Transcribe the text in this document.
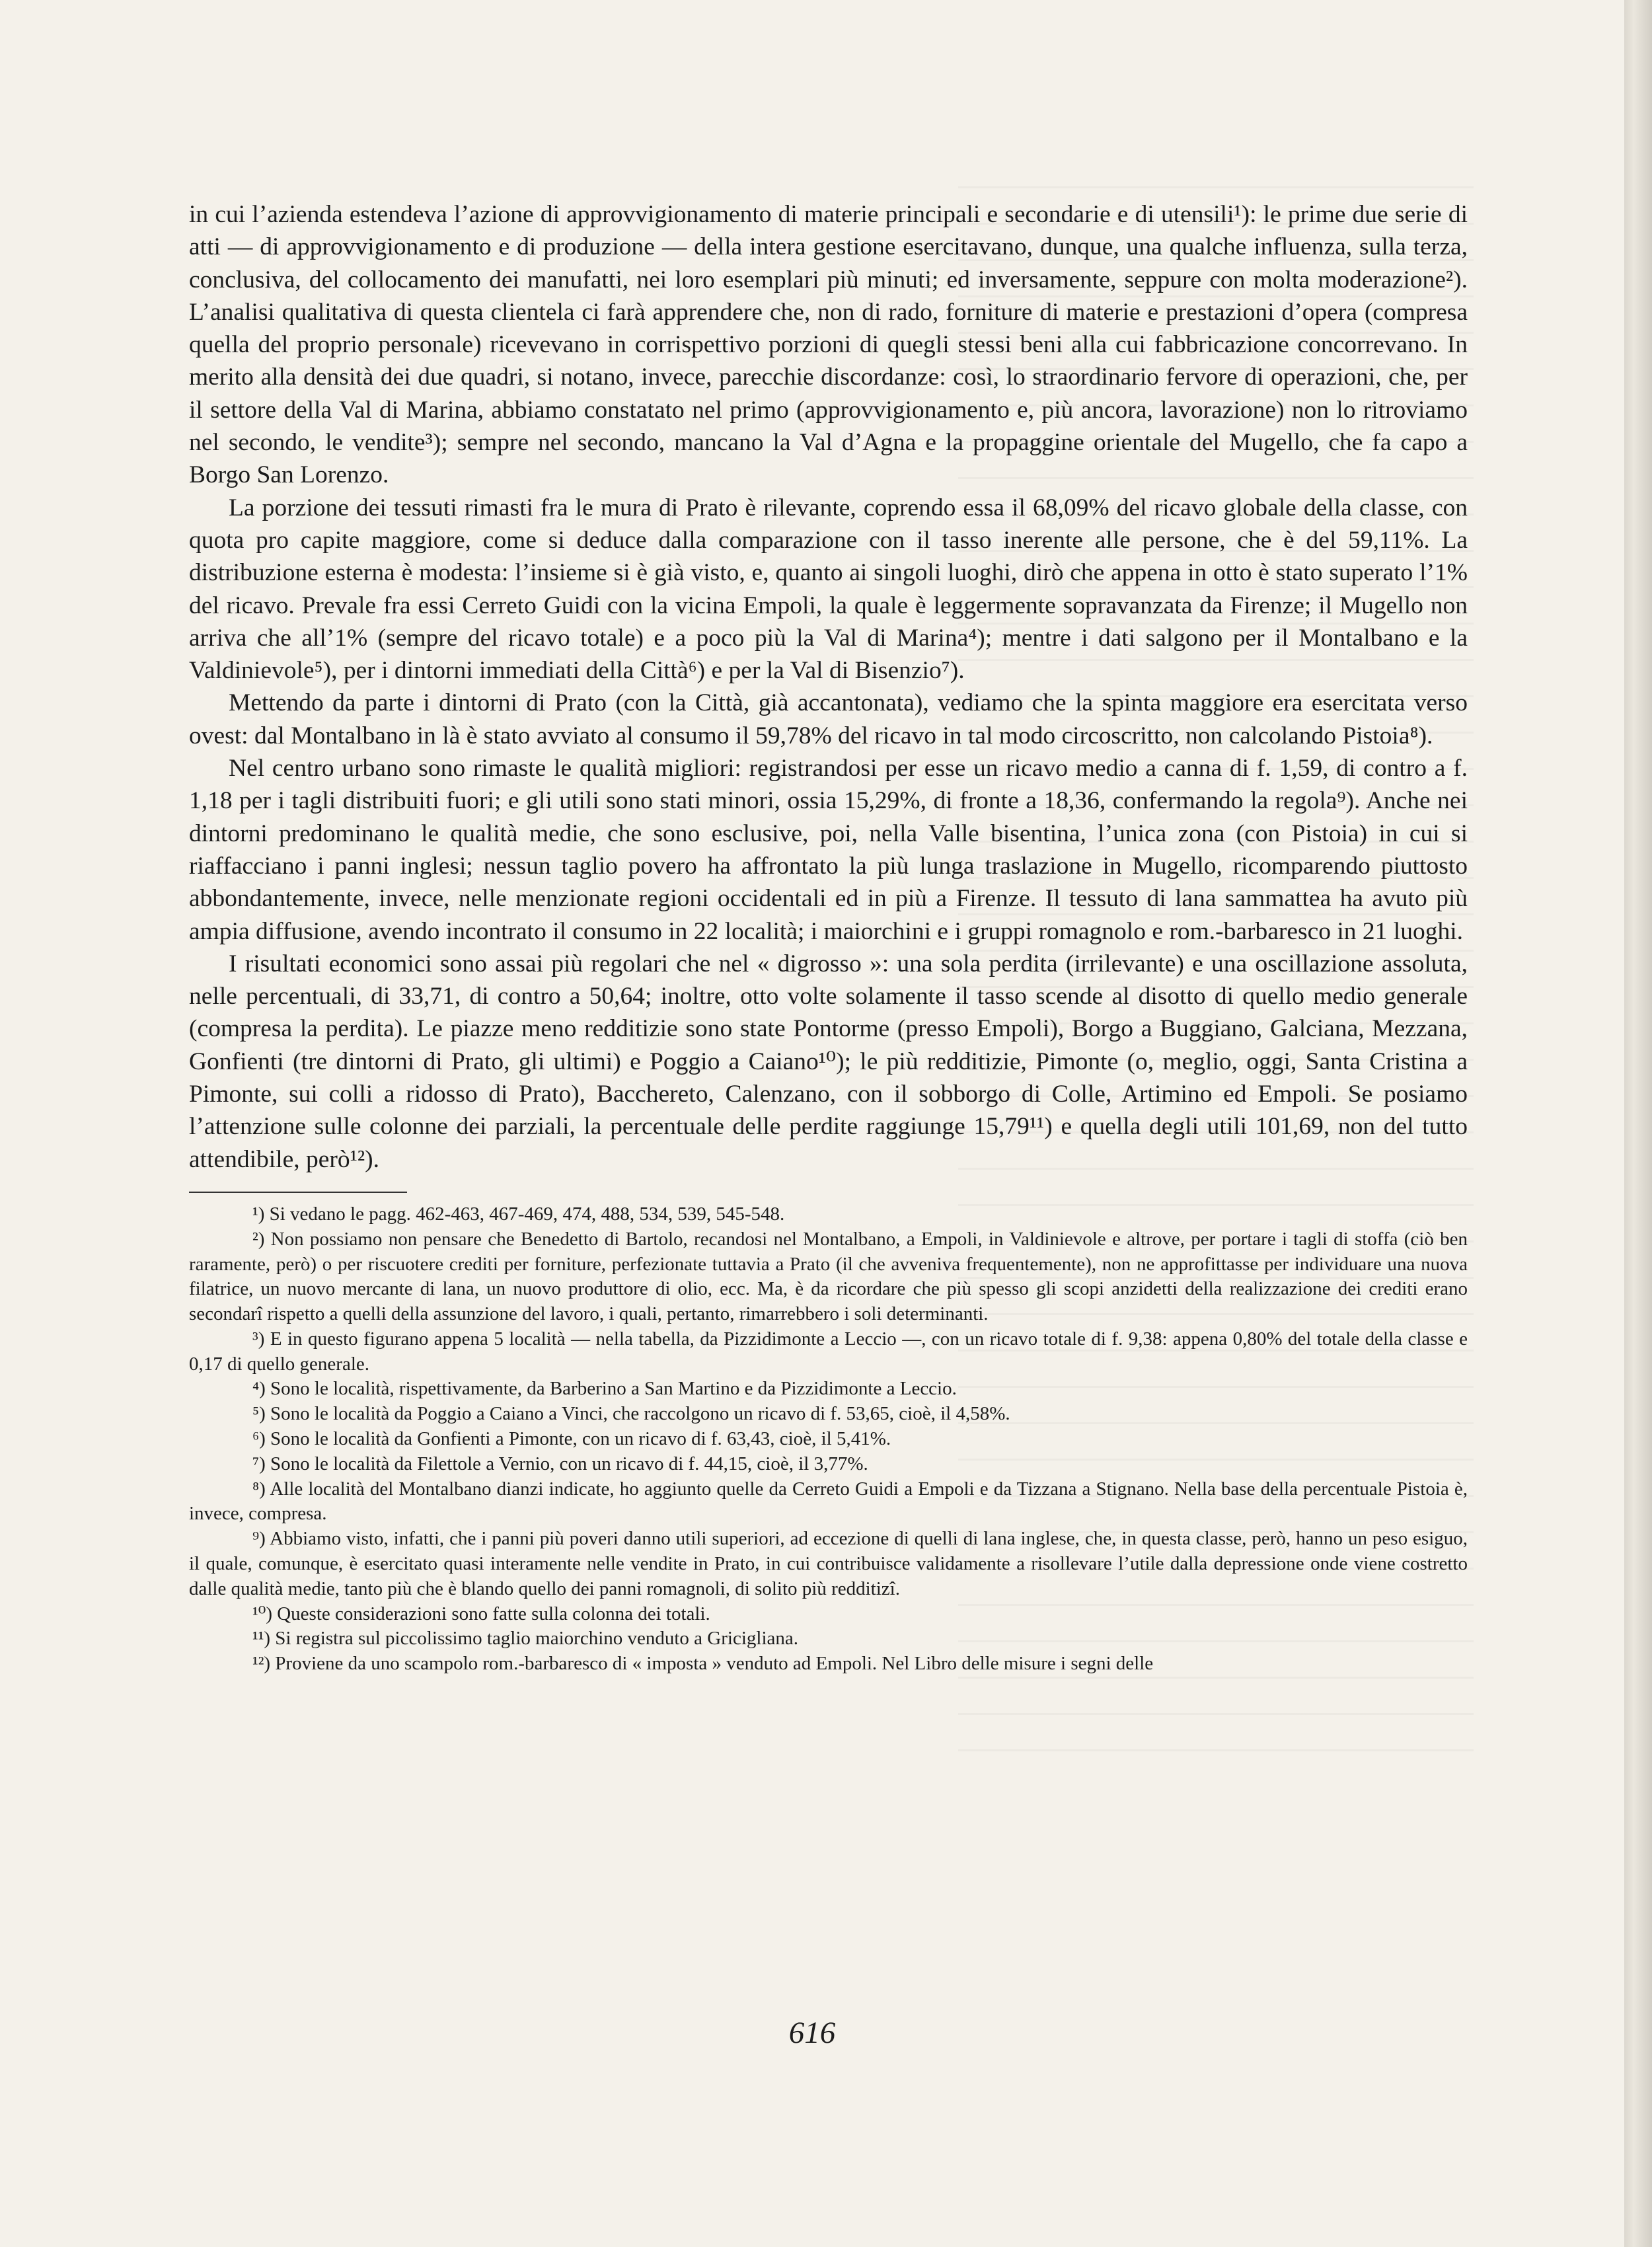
in cui l’azienda estendeva l’azione di approvvigionamento di materie principali e secondarie e di utensili¹): le prime due serie di atti — di approvvigionamento e di produzione — della intera gestione esercitavano, dunque, una qualche influenza, sulla terza, conclusiva, del collocamento dei manufatti, nei loro esemplari più minuti; ed inversamente, seppure con molta moderazione²). L’analisi qualitativa di questa clientela ci farà apprendere che, non di rado, forniture di materie e prestazioni d’opera (compresa quella del proprio personale) ricevevano in corrispettivo porzioni di quegli stessi beni alla cui fabbricazione concorrevano. In merito alla densità dei due quadri, si notano, invece, parecchie discordanze: così, lo straordinario fervore di operazioni, che, per il settore della Val di Marina, abbiamo constatato nel primo (approvvigionamento e, più ancora, lavorazione) non lo ritroviamo nel secondo, le vendite³); sempre nel secondo, mancano la Val d’Agna e la propaggine orientale del Mugello, che fa capo a Borgo San Lorenzo.

La porzione dei tessuti rimasti fra le mura di Prato è rilevante, coprendo essa il 68,09% del ricavo globale della classe, con quota pro capite maggiore, come si deduce dalla comparazione con il tasso inerente alle persone, che è del 59,11%. La distribuzione esterna è modesta: l’insieme si è già visto, e, quanto ai singoli luoghi, dirò che appena in otto è stato superato l’1% del ricavo. Prevale fra essi Cerreto Guidi con la vicina Empoli, la quale è leggermente sopravanzata da Firenze; il Mugello non arriva che all’1% (sempre del ricavo totale) e a poco più la Val di Marina⁴); mentre i dati salgono per il Montalbano e la Valdinievole⁵), per i dintorni immediati della Città⁶) e per la Val di Bisenzio⁷).

Mettendo da parte i dintorni di Prato (con la Città, già accantonata), vediamo che la spinta maggiore era esercitata verso ovest: dal Montalbano in là è stato avviato al consumo il 59,78% del ricavo in tal modo circoscritto, non calcolando Pistoia⁸).

Nel centro urbano sono rimaste le qualità migliori: registrandosi per esse un ricavo medio a canna di f. 1,59, di contro a f. 1,18 per i tagli distribuiti fuori; e gli utili sono stati minori, ossia 15,29%, di fronte a 18,36, confermando la regola⁹). Anche nei dintorni predominano le qualità medie, che sono esclusive, poi, nella Valle bisentina, l’unica zona (con Pistoia) in cui si riaffacciano i panni inglesi; nessun taglio povero ha affrontato la più lunga traslazione in Mugello, ricomparendo piuttosto abbondantemente, invece, nelle menzionate regioni occidentali ed in più a Firenze. Il tessuto di lana sammattea ha avuto più ampia diffusione, avendo incontrato il consumo in 22 località; i maiorchini e i gruppi romagnolo e rom.-barbaresco in 21 luoghi.

I risultati economici sono assai più regolari che nel « digrosso »: una sola perdita (irrilevante) e una oscillazione assoluta, nelle percentuali, di 33,71, di contro a 50,64; inoltre, otto volte solamente il tasso scende al disotto di quello medio generale (compresa la perdita). Le piazze meno redditizie sono state Pontorme (presso Empoli), Borgo a Buggiano, Galciana, Mezzana, Gonfienti (tre dintorni di Prato, gli ultimi) e Poggio a Caiano¹⁰); le più redditizie, Pimonte (o, meglio, oggi, Santa Cristina a Pimonte, sui colli a ridosso di Prato), Bacchereto, Calenzano, con il sobborgo di Colle, Artimino ed Empoli. Se posiamo l’attenzione sulle colonne dei parziali, la percentuale delle perdite raggiunge 15,79¹¹) e quella degli utili 101,69, non del tutto attendibile, però¹²).

¹) Si vedano le pagg. 462-463, 467-469, 474, 488, 534, 539, 545-548.

²) Non possiamo non pensare che Benedetto di Bartolo, recandosi nel Montalbano, a Empoli, in Valdinievole e altrove, per portare i tagli di stoffa (ciò ben raramente, però) o per riscuotere crediti per forniture, perfezionate tuttavia a Prato (il che avveniva frequentemente), non ne approfittasse per individuare una nuova filatrice, un nuovo mercante di lana, un nuovo produttore di olio, ecc. Ma, è da ricordare che più spesso gli scopi anzidetti della realizzazione dei crediti erano secondarî rispetto a quelli della assunzione del lavoro, i quali, pertanto, rimarrebbero i soli determinanti.

³) E in questo figurano appena 5 località — nella tabella, da Pizzidimonte a Leccio —, con un ricavo totale di f. 9,38: appena 0,80% del totale della classe e 0,17 di quello generale.

⁴) Sono le località, rispettivamente, da Barberino a San Martino e da Pizzidimonte a Leccio.

⁵) Sono le località da Poggio a Caiano a Vinci, che raccolgono un ricavo di f. 53,65, cioè, il 4,58%.

⁶) Sono le località da Gonfienti a Pimonte, con un ricavo di f. 63,43, cioè, il 5,41%.

⁷) Sono le località da Filettole a Vernio, con un ricavo di f. 44,15, cioè, il 3,77%.

⁸) Alle località del Montalbano dianzi indicate, ho aggiunto quelle da Cerreto Guidi a Empoli e da Tizzana a Stignano. Nella base della percentuale Pistoia è, invece, compresa.

⁹) Abbiamo visto, infatti, che i panni più poveri danno utili superiori, ad eccezione di quelli di lana inglese, che, in questa classe, però, hanno un peso esiguo, il quale, comunque, è esercitato quasi interamente nelle vendite in Prato, in cui contribuisce validamente a risollevare l’utile dalla depressione onde viene costretto dalle qualità medie, tanto più che è blando quello dei panni romagnoli, di solito più redditizî.

¹⁰) Queste considerazioni sono fatte sulla colonna dei totali.

¹¹) Si registra sul piccolissimo taglio maiorchino venduto a Gricigliana.

¹²) Proviene da uno scampolo rom.-barbaresco di « imposta » venduto ad Empoli. Nel Libro delle misure i segni delle

616
